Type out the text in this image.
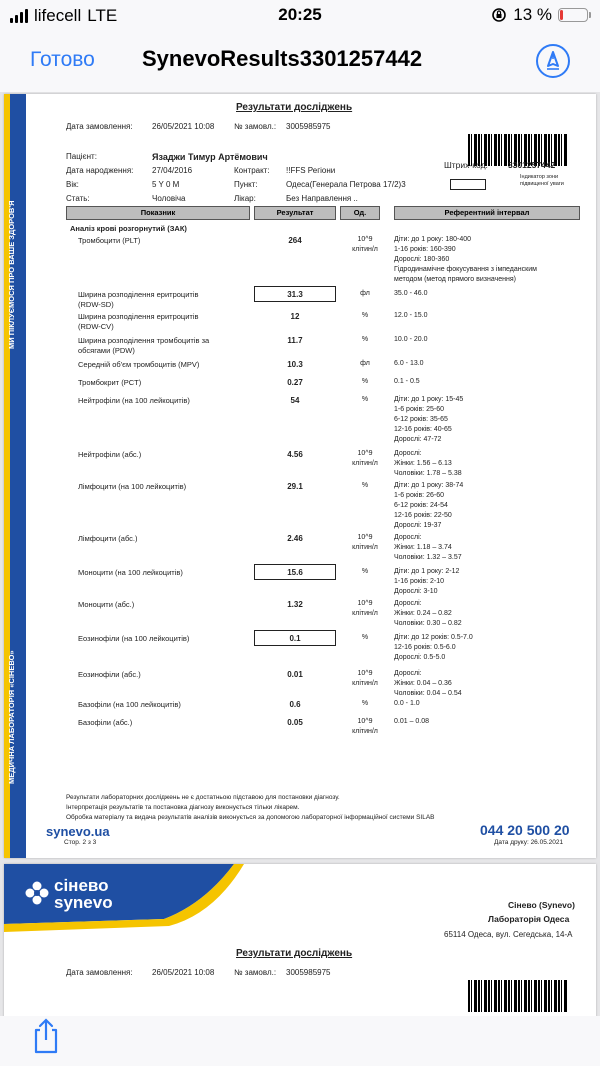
lifecell LTE	20:25	13 %
Готово SynevoResults3301257442
МИ ПІКЛУЄМОСЯ ПРО ВАШЕ ЗДОРОВ'Я
МЕДИЧНА ЛАБОРАТОРІЯ «СІНЕВО»
Результати досліджень
Дата замовлення: 26/05/2021 10:08 № замовл.: 3005985975
Штрих-код: 3301257442
Індикатор зони підвищеної уваги
Пацієнт:	Язаджи Тимур Артёмович
Дата народження: 27/04/2016	Контракт: !!FFS Регіони
Вік:	5 Y 0 M	Пункт:	Одеса(Генерала Петрова 17/2)3
Стать:	Чоловіча	Лікар:	Без Направлення ..
Показник	Результат	Од.	Референтний інтервал
Аналіз крові розгорнутий (ЗАК)
Тромбоцити (PLT)	264	10^9
клітин/л
Діти: до 1 року: 180-400
1-16 років: 160-390
Дорослі: 180-360
Гідродинамічне фокусування з імпеданским
методом (метод прямого визначення)
Ширина розподілення еритроцитів
(RDW-SD)
31.3	фл	35.0 - 46.0
Ширина розподілення еритроцитів
(RDW-CV)
12	%	12.0 - 15.0
Ширина розподілення тромбоцитів за
обсягами (PDW)
11.7	%	10.0 - 20.0
Середній об'єм тромбоцитів (MPV)	10.3	фл	6.0 - 13.0
Тромбокрит (PCT)	0.27	%	0.1 - 0.5
Нейтрофіли (на 100 лейкоцитів)	54	%	Діти: до 1 року: 15-45
1-6 років: 25-60
6-12 років: 35-65
12-16 років: 40-65
Дорослі: 47-72
Нейтрофіли (абс.)	4.56	10^9
клітин/л
Дорослі:
Жінки: 1.56 – 6.13
Чоловіки: 1.78 – 5.38
Лімфоцити (на 100 лейкоцитів)	29.1	%	Діти: до 1 року: 38-74
1-6 років: 26-60
6-12 років: 24-54
12-16 років: 22-50
Дорослі: 19-37
Лімфоцити (абс.)	2.46	10^9
клітин/л
Дорослі:
Жінки: 1.18 – 3.74
Чоловіки: 1.32 – 3.57
Моноцити (на 100 лейкоцитів)	15.6	%	Діти: до 1 року: 2-12
1-16 років: 2-10
Дорослі: 3-10
Моноцити (абс.)	1.32	10^9
клітин/л
Дорослі:
Жінки: 0.24 – 0.82
Чоловіки: 0.30 – 0.82
Еозинофіли (на 100 лейкоцитів)	0.1	%	Діти: до 12 років: 0.5-7.0
12-16 років: 0.5-6.0
Дорослі: 0.5-5.0
Еозинофіли (абс.)	0.01	10^9
клітин/л
Дорослі:
Жінки: 0.04 – 0.36
Чоловіки: 0.04 – 0.54
Базофіли (на 100 лейкоцитів)	0.6	%	0.0 - 1.0
Базофіли (абс.)	0.05	10^9
клітин/л
0.01 – 0.08
Результати лабораторних досліджень не є достатньою підставою для постановки діагнозу.
Інтерпретація результатів та постановка діагнозу виконується тільки лікарем.
Обробка матеріалу та видача результатів аналізів виконується за допомогою лабораторної інформаційної системи SILAB
synevo.ua
Стор. 2 з 3
044 20 500 20
Дата друку: 26.05.2021
сінево
synevo	Сінево (Synevo)
Лабораторія Одеса
65114 Одеса, вул. Сегедська, 14-А
Результати досліджень
Дата замовлення: 26/05/2021 10:08 № замовл.: 3005985975
